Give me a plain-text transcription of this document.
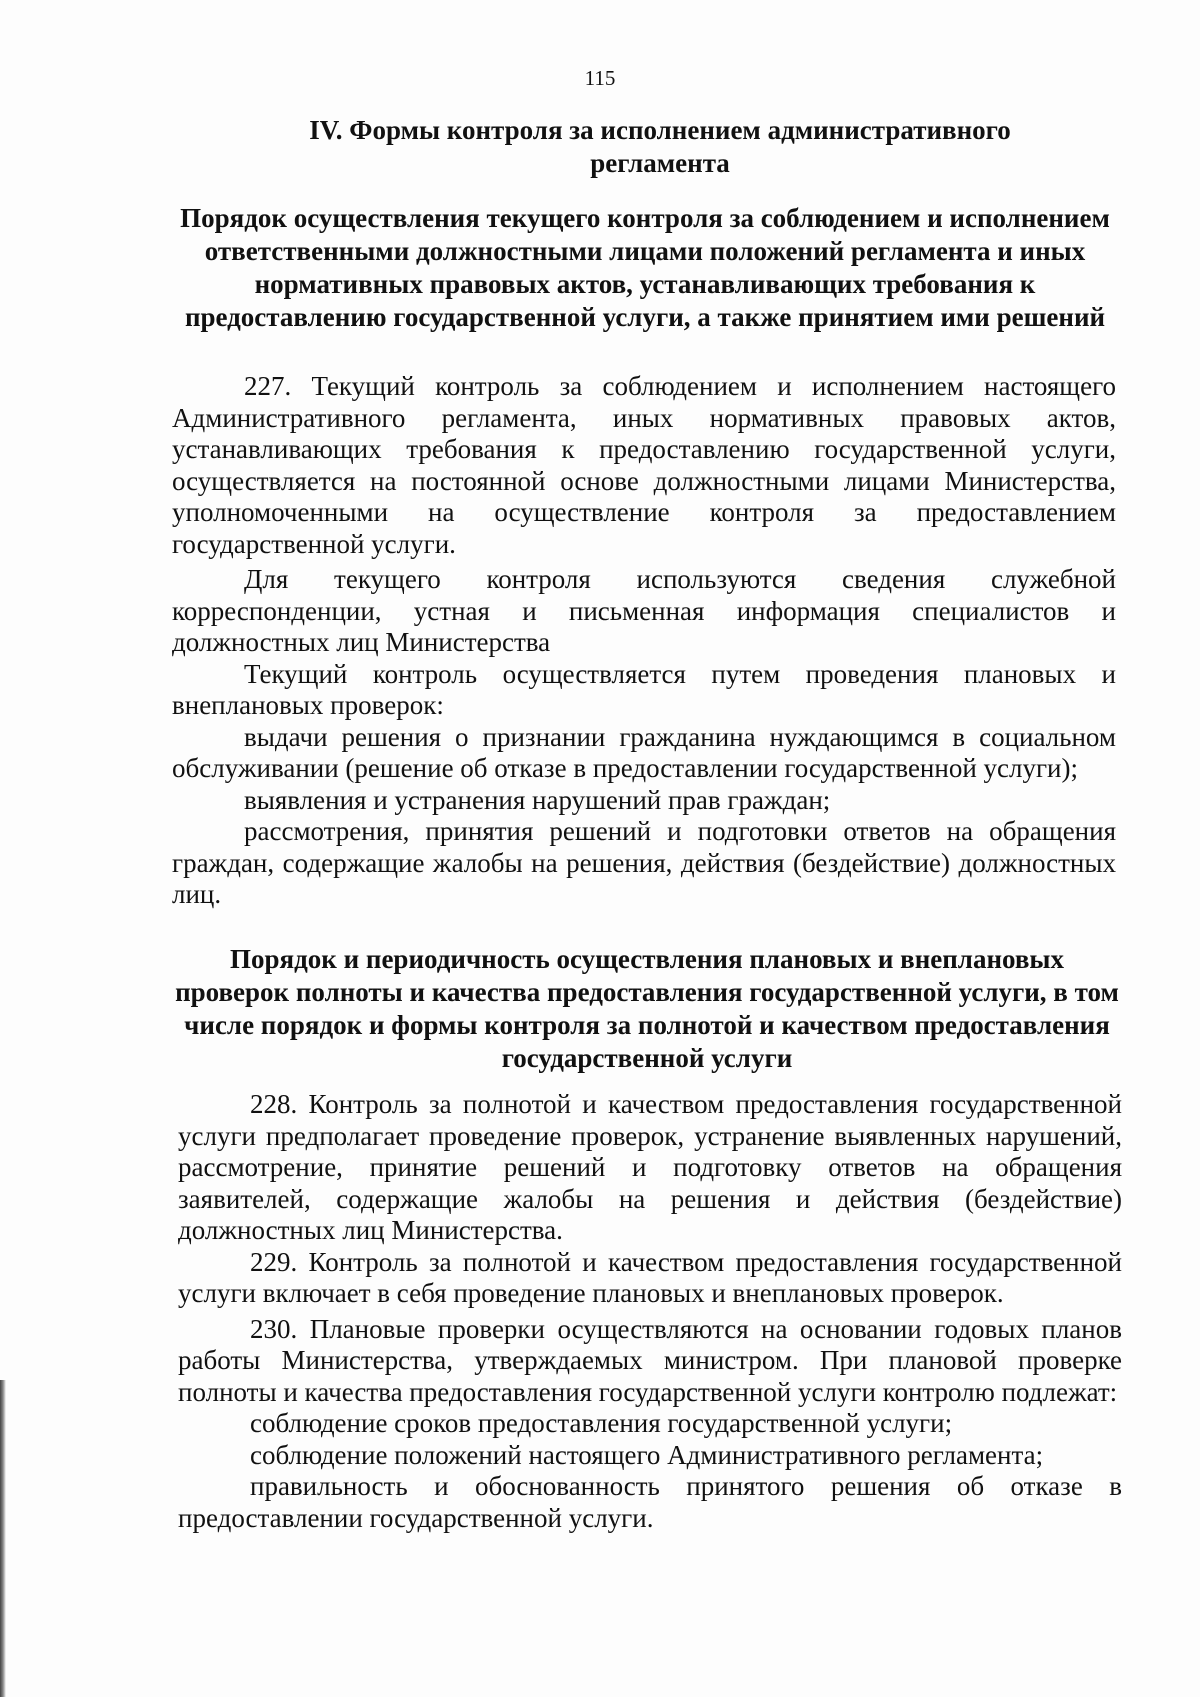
115
IV. Формы контроля за исполнением административного
регламента
Порядок осуществления текущего контроля за соблюдением и исполнением ответственными должностными лицами положений регламента и иных нормативных правовых актов, устанавливающих требования к предоставлению государственной услуги, а также принятием ими решений

227. Текущий контроль за соблюдением и исполнением настоящего Административного регламента, иных нормативных правовых актов, устанавливающих требования к предоставлению государственной услуги, осуществляется на постоянной основе должностными лицами Министерства, уполномоченными на осуществление контроля за предоставлением государственной услуги.

Для текущего контроля используются сведения служебной корреспонденции, устная и письменная информация специалистов и должностных лиц Министерства

Текущий контроль осуществляется путем проведения плановых и внеплановых проверок:

выдачи решения о признании гражданина нуждающимся в социальном обслуживании (решение об отказе в предоставлении государственной услуги);

выявления и устранения нарушений прав граждан;

рассмотрения, принятия решений и подготовки ответов на обращения граждан, содержащие жалобы на решения, действия (бездействие) должностных лиц.

Порядок и периодичность осуществления плановых и внеплановых проверок полноты и качества предоставления государственной услуги, в том числе порядок и формы контроля за полнотой и качеством предоставления государственной услуги

228. Контроль за полнотой и качеством предоставления государственной услуги предполагает проведение проверок, устранение выявленных нарушений, рассмотрение, принятие решений и подготовку ответов на обращения заявителей, содержащие жалобы на решения и действия (бездействие) должностных лиц Министерства.

229. Контроль за полнотой и качеством предоставления государственной услуги включает в себя проведение плановых и внеплановых проверок.

230. Плановые проверки осуществляются на основании годовых планов работы Министерства, утверждаемых министром. При плановой проверке полноты и качества предоставления государственной услуги контролю подлежат:

соблюдение сроков предоставления государственной услуги;

соблюдение положений настоящего Административного регламента;

правильность и обоснованность принятого решения об отказе в предоставлении государственной услуги.
